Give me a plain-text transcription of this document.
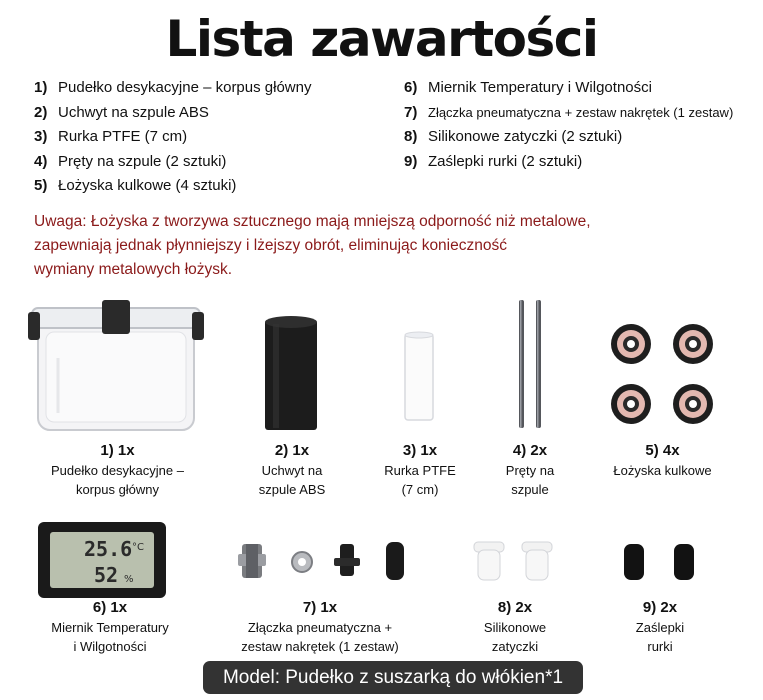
Lista zawartości
1) Pudełko desykacyjne – korpus główny
2) Uchwyt na szpule ABS
3) Rurka PTFE (7 cm)
4) Pręty na szpule (2 sztuki)
5) Łożyska kulkowe (4 sztuki)
6) Miernik Temperatury i Wilgotności
7) Złączka pneumatyczna + zestaw nakrętek (1 zestaw)
8) Silikonowe zatyczki (2 sztuki)
9) Zaślepki rurki (2 sztuki)
Uwaga: Łożyska z tworzywa sztucznego mają mniejszą odporność niż metalowe,
zapewniają jednak płynniejszy i lżejszy obrót, eliminując konieczność
wymiany metalowych łożysk.
1) 1x
Pudełko desykacyjne –
korpus główny
2) 1x
Uchwyt na
szpule ABS
3) 1x
Rurka PTFE
(7 cm)
4) 2x
Pręty na
szpule
5) 4x
Łożyska kulkowe
25.6 °C
52 %
6) 1x
Miernik Temperatury
i Wilgotności
7) 1x
Złączka pneumatyczna +
zestaw nakrętek (1 zestaw)
8) 2x
Silikonowe
zatyczki
9) 2x
Zaślepki
rurki
Model: Pudełko z suszarką do włókien*1
